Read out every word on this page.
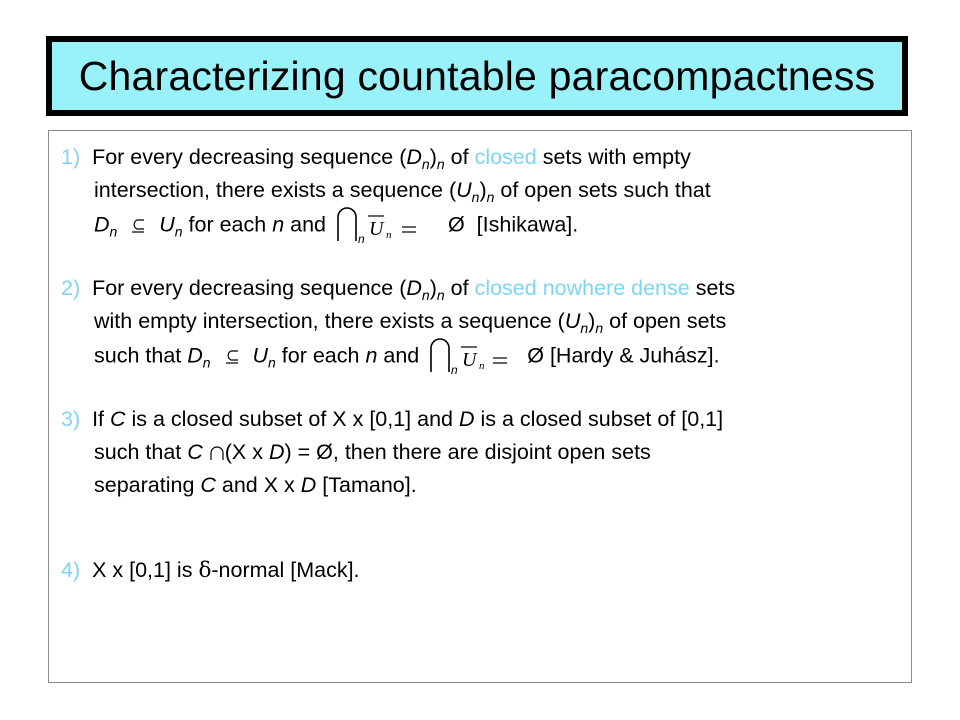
Characterizing countable paracompactness
1) For every decreasing sequence $(D_n)_n$ of closed sets with empty
intersection, there exists a sequence $(U_n)_n$ of open sets such that
$D_n$ $U_n$ for each n and
n U n	Ø [Ishikawa].
2) For every decreasing sequence $(D_n)_n$ of closed nowhere dense sets
with empty intersection, there exists a sequence $(U_n)_n$ of open sets
such that $D_n$ $U_n$ for each n and
n U n Ø [Hardy & Juhász].
3) If C is a closed subset of X x [0,1] and D is a closed subset of [0,1]
such that C (X x D) = Ø, then there are disjoint open sets
separating C and X x D [Tamano].
4) X x [0,1] is δ-normal [Mack].
